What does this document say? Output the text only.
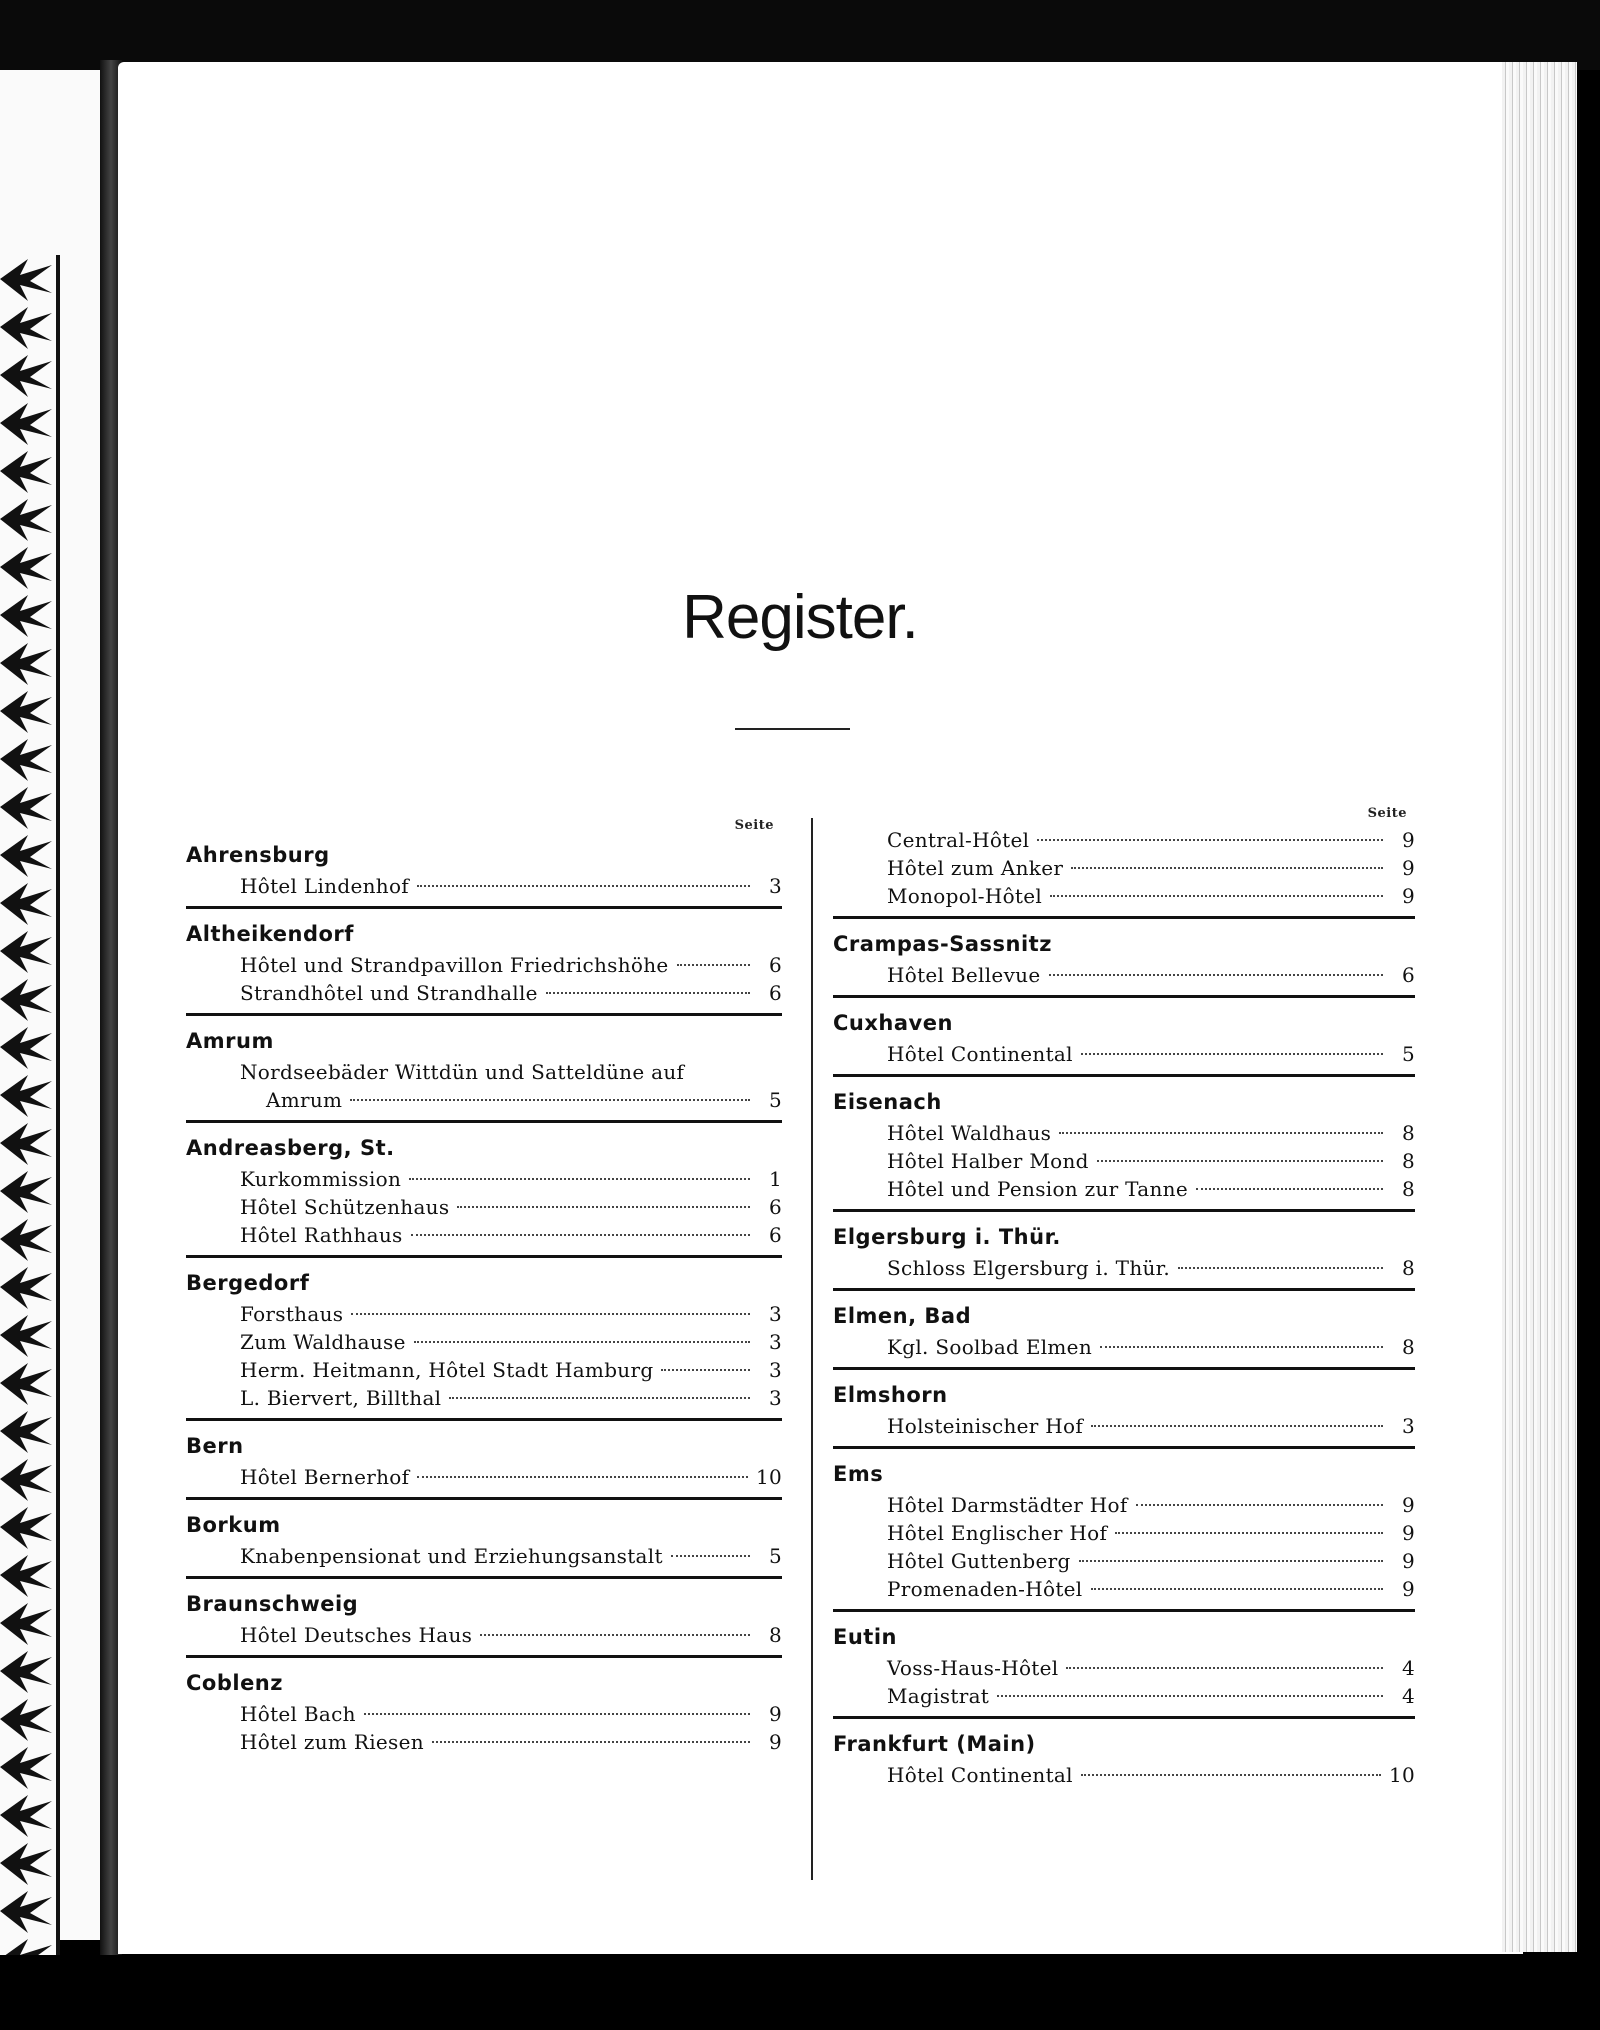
Register.
Seite
Ahrensburg
Hôtel Lindenhof	3
Altheikendorf
Hôtel und Strandpavillon Friedrichshöhe	6
Strandhôtel und Strandhalle	6
Amrum
Nordseebäder Wittdün und Satteldüne auf
Amrum	5
Andreasberg, St.
Kurkommission	1
Hôtel Schützenhaus	6
Hôtel Rathhaus	6
Bergedorf
Forsthaus	3
Zum Waldhause	3
Herm. Heitmann, Hôtel Stadt Hamburg	3
L. Biervert, Billthal	3
Bern
Hôtel Bernerhof	10
Borkum
Knabenpensionat und Erziehungsanstalt	5
Braunschweig
Hôtel Deutsches Haus	8
Coblenz
Hôtel Bach	9
Hôtel zum Riesen	9
Seite
Central-Hôtel	9
Hôtel zum Anker	9
Monopol-Hôtel	9
Crampas-Sassnitz
Hôtel Bellevue	6
Cuxhaven
Hôtel Continental	5
Eisenach
Hôtel Waldhaus	8
Hôtel Halber Mond	8
Hôtel und Pension zur Tanne	8
Elgersburg i. Thür.
Schloss Elgersburg i. Thür.	8
Elmen, Bad
Kgl. Soolbad Elmen	8
Elmshorn
Holsteinischer Hof	3
Ems
Hôtel Darmstädter Hof	9
Hôtel Englischer Hof	9
Hôtel Guttenberg	9
Promenaden-Hôtel	9
Eutin
Voss-Haus-Hôtel	4
Magistrat	4
Frankfurt (Main)
Hôtel Continental	10
